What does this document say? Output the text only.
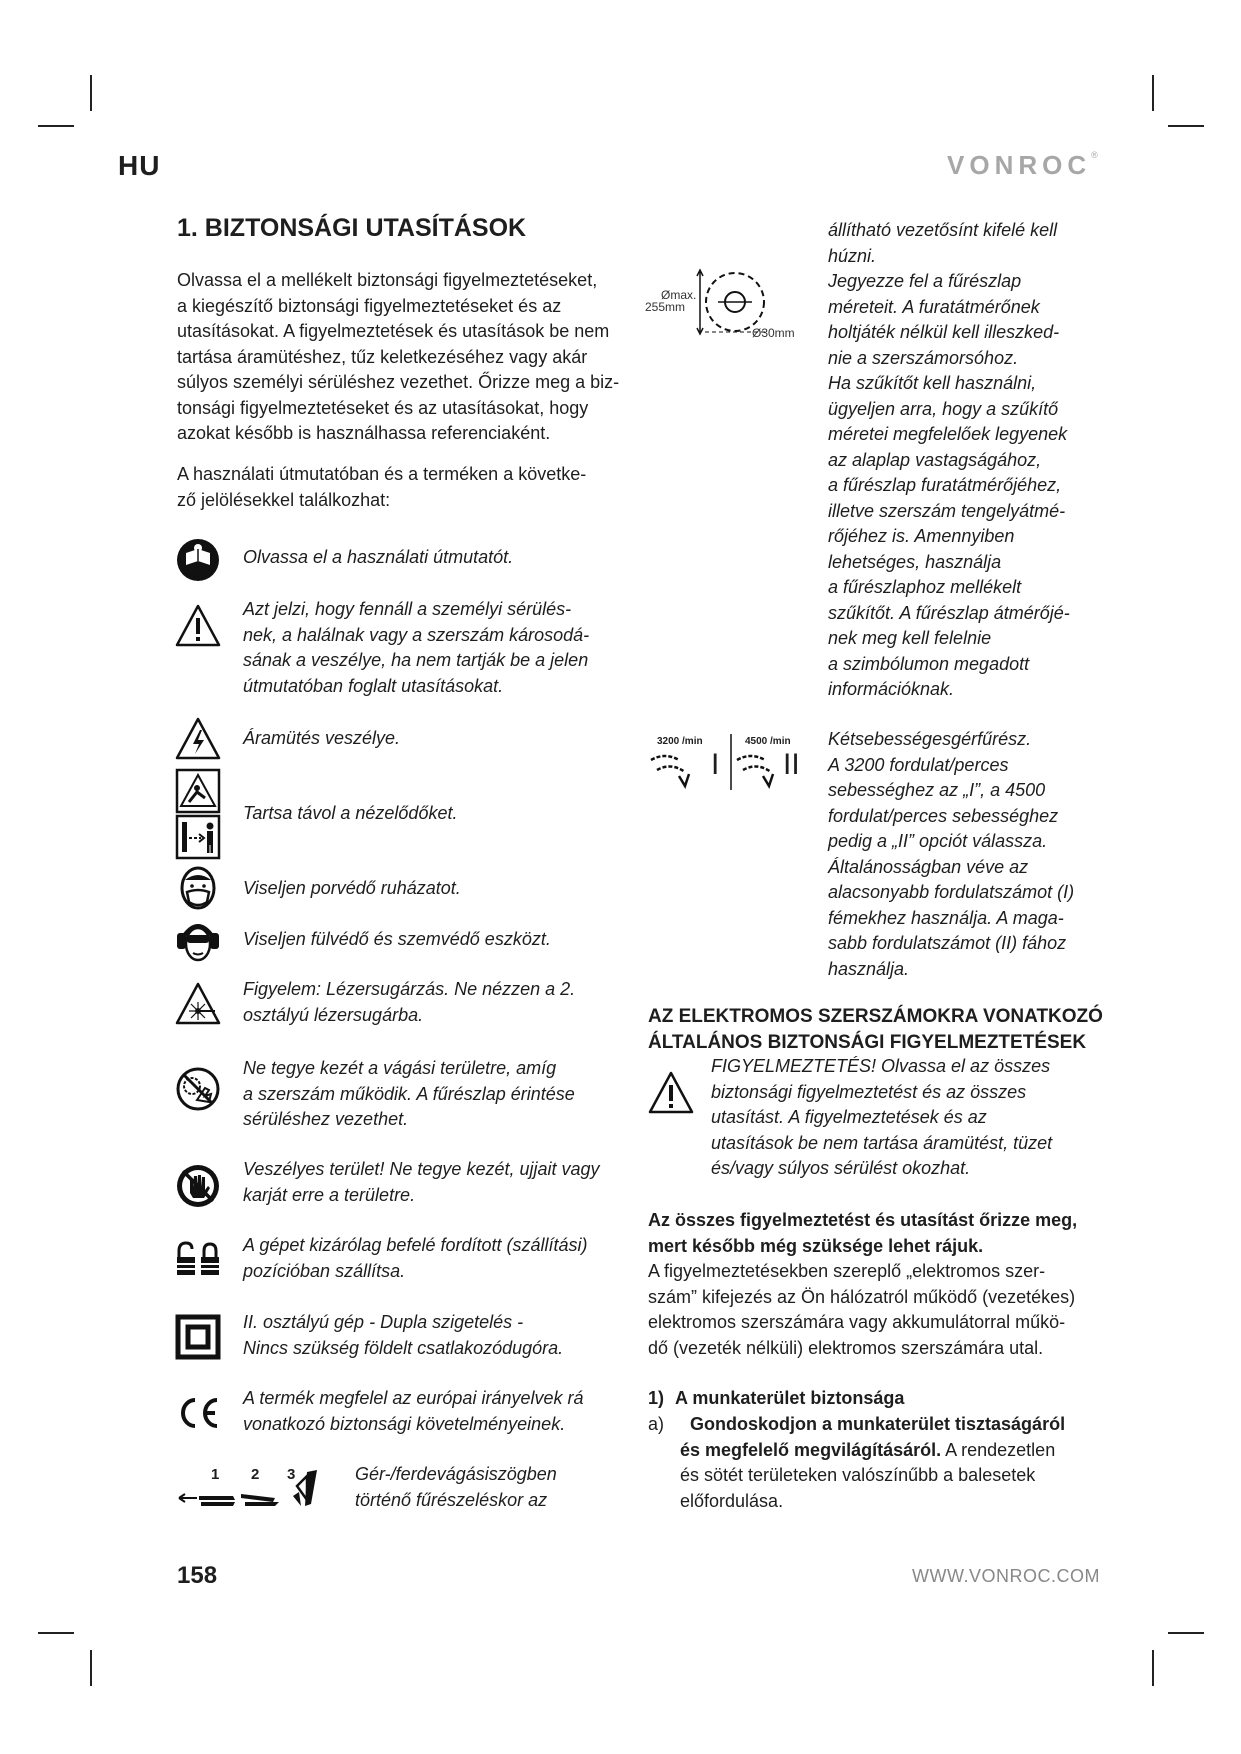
HU	VONROC®
1. BIZTONSÁGI UTASÍTÁSOK
Olvassa el a mellékelt biztonsági figyelmeztetéseket,
a kiegészítő biztonsági figyelmeztetéseket és az
utasításokat. A figyelmeztetések és utasítások be nem
tartása áramütéshez, tűz keletkezéséhez vagy akár
súlyos személyi sérüléshez vezethet. Őrizze meg a biz-
tonsági figyelmeztetéseket és az utasításokat, hogy
azokat később is használhassa referenciaként.
A használati útmutatóban és a terméken a követke-
ző jelölésekkel találkozhat:
Olvassa el a használati útmutatót.
Azt jelzi, hogy fennáll a személyi sérülés-
nek, a halálnak vagy a szerszám károsodá-
sának a veszélye, ha nem tartják be a jelen
útmutatóban foglalt utasításokat.
Áramütés veszélye.
Tartsa távol a nézelődőket.
Viseljen porvédő ruházatot.
Viseljen fülvédő és szemvédő eszközt.
Figyelem: Lézersugárzás. Ne nézzen a 2.
osztályú lézersugárba.
Ne tegye kezét a vágási területre, amíg
a szerszám működik. A fűrészlap érintése
sérüléshez vezethet.
Veszélyes terület! Ne tegye kezét, ujjait vagy
karját erre a területre.
A gépet kizárólag befelé fordított (szállítási)
pozícióban szállítsa.
II. osztályú gép - Dupla szigetelés -
Nincs szükség földelt csatlakozódugóra.
A termék megfelel az európai irányelvek rá
vonatkozó biztonsági követelményeinek.
1 2 3	Gér-/ferdevágásiszögben
történő fűrészeléskor az
Ømax.
255mm
Ø30mm
állítható vezetősínt kifelé kell
húzni.
Jegyezze fel a fűrészlap
méreteit. A furatátmérőnek
holtjáték nélkül kell illeszked-
nie a szerszámorsóhoz.
Ha szűkítőt kell használni,
ügyeljen arra, hogy a szűkítő
méretei megfelelőek legyenek
az alaplap vastagságához,
a fűrészlap furatátmérőjéhez,
illetve szerszám tengelyátmé-
rőjéhez is. Amennyiben
lehetséges, használja
a fűrészlaphoz mellékelt
szűkítőt. A fűrészlap átmérőjé-
nek meg kell felelnie
a szimbólumon megadott
információknak.
3200 /min	4500 /min
I II
Kétsebességesgérfűrész.
A 3200 fordulat/perces
sebességhez az „I”, a 4500
fordulat/perces sebességhez
pedig a „II” opciót válassza.
Általánosságban véve az
alacsonyabb fordulatszámot (I)
fémekhez használja. A maga-
sabb fordulatszámot (II) fához
használja.
AZ ELEKTROMOS SZERSZÁMOKRA VONATKOZÓ
ÁLTALÁNOS BIZTONSÁGI FIGYELMEZTETÉSEK
FIGYELMEZTETÉS! Olvassa el az összes
biztonsági figyelmeztetést és az összes
utasítást. A figyelmeztetések és az
utasítások be nem tartása áramütést, tüzet
és/vagy súlyos sérülést okozhat.
Az összes figyelmeztetést és utasítást őrizze meg,
mert később még szüksége lehet rájuk.
A figyelmeztetésekben szereplő „elektromos szer-
szám” kifejezés az Ön hálózatról működő (vezetékes)
elektromos szerszámára vagy akkumulátorral műkö-
dő (vezeték nélküli) elektromos szerszámára utal.
1) A munkaterület biztonsága
a)	Gondoskodjon a munkaterület tisztaságáról
és megfelelő megvilágításáról. A rendezetlen
és sötét területeken valószínűbb a balesetek
előfordulása.
158	WWW.VONROC.COM
